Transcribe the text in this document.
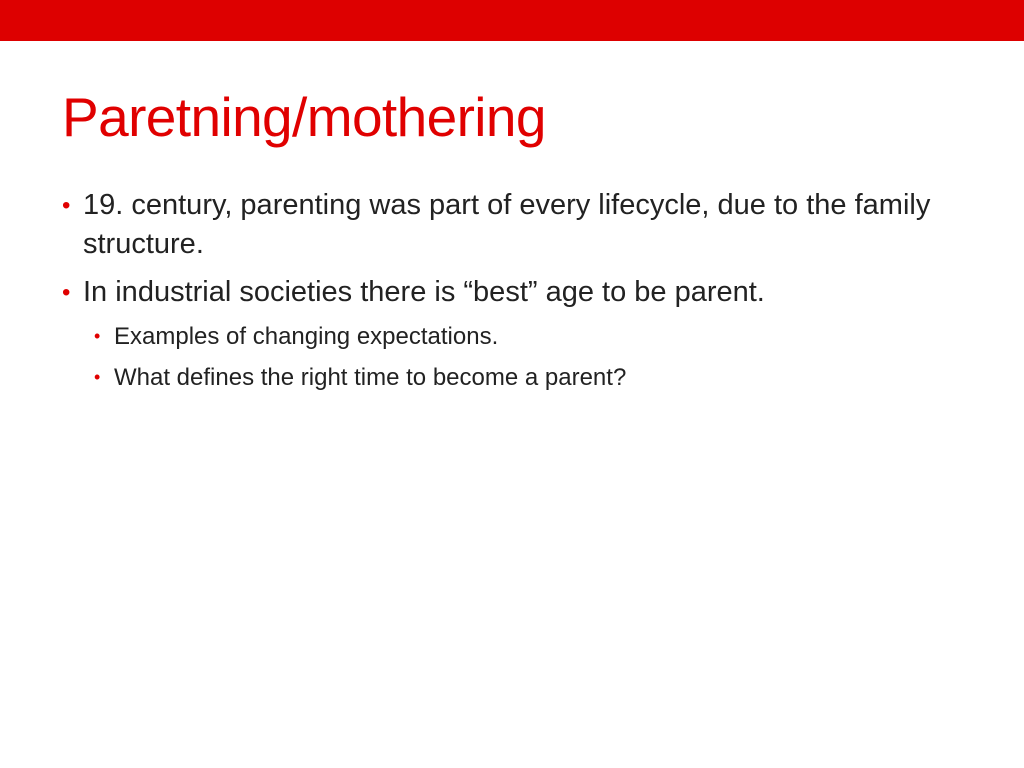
Paretning/mothering
• 19. century, parenting was part of every lifecycle, due to the family structure.
• In industrial societies there is “best” age to be parent.
• Examples of changing expectations.
• What defines the right time to become a parent?
